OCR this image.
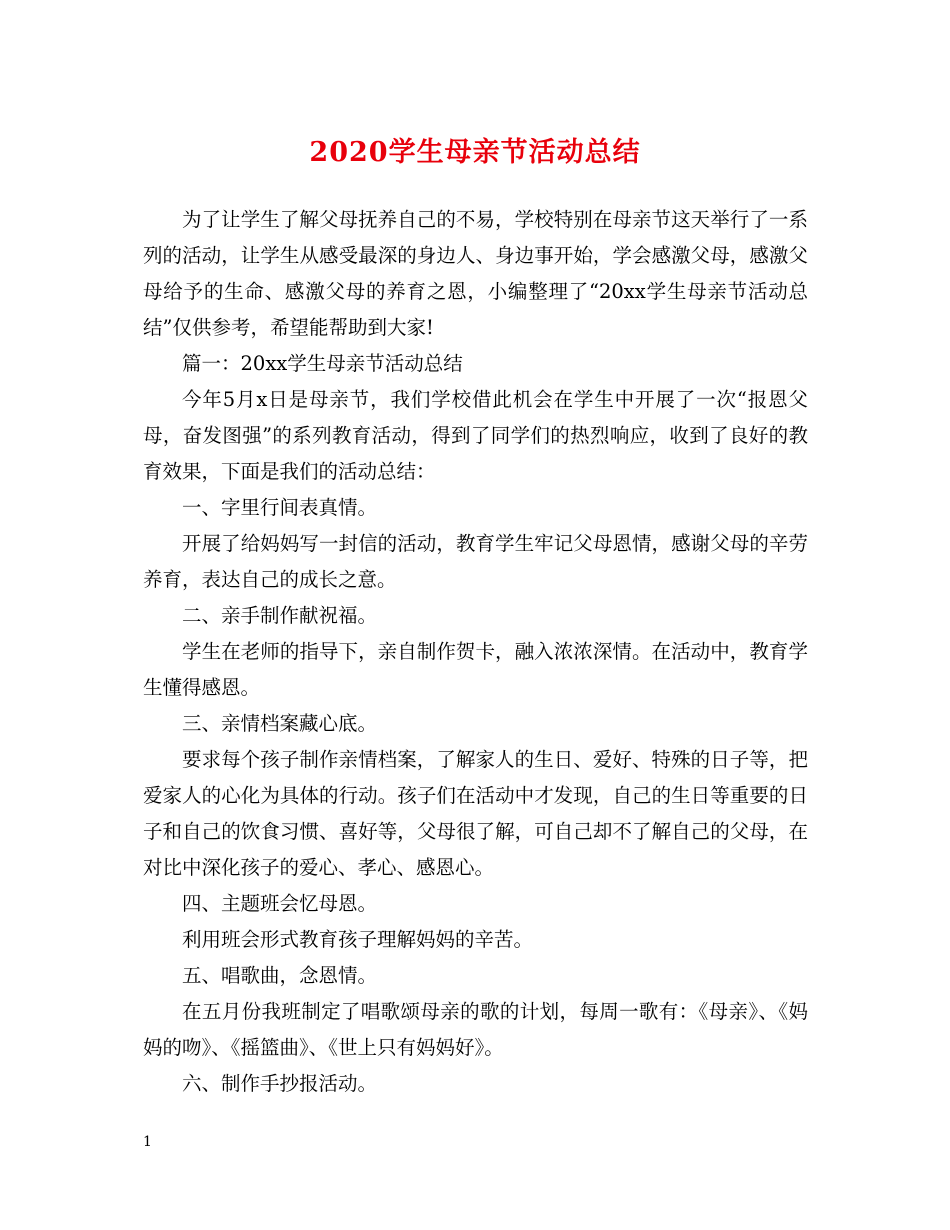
2020学生母亲节活动总结

为了让学生了解父母抚养自己的不易，学校特别在母亲节这天举行了一系列的活动，让学生从感受最深的身边人、身边事开始，学会感激父母，感激父母给予的生命、感激父母的养育之恩，小编整理了“20xx学生母亲节活动总结”仅供参考，希望能帮助到大家!

篇一：20xx学生母亲节活动总结

今年5月x日是母亲节，我们学校借此机会在学生中开展了一次“报恩父母，奋发图强”的系列教育活动，得到了同学们的热烈响应，收到了良好的教育效果，下面是我们的活动总结：

一、字里行间表真情。

开展了给妈妈写一封信的活动，教育学生牢记父母恩情，感谢父母的辛劳养育，表达自己的成长之意。

二、亲手制作献祝福。

学生在老师的指导下，亲自制作贺卡，融入浓浓深情。在活动中，教育学生懂得感恩。

三、亲情档案藏心底。

要求每个孩子制作亲情档案，了解家人的生日、爱好、特殊的日子等，把爱家人的心化为具体的行动。孩子们在活动中才发现，自己的生日等重要的日子和自己的饮食习惯、喜好等，父母很了解，可自己却不了解自己的父母，在对比中深化孩子的爱心、孝心、感恩心。

四、主题班会忆母恩。

利用班会形式教育孩子理解妈妈的辛苦。

五、唱歌曲，念恩情。

在五月份我班制定了唱歌颂母亲的歌的计划，每周一歌有：《母亲》、《妈妈的吻》、《摇篮曲》、《世上只有妈妈好》。

六、制作手抄报活动。

1
